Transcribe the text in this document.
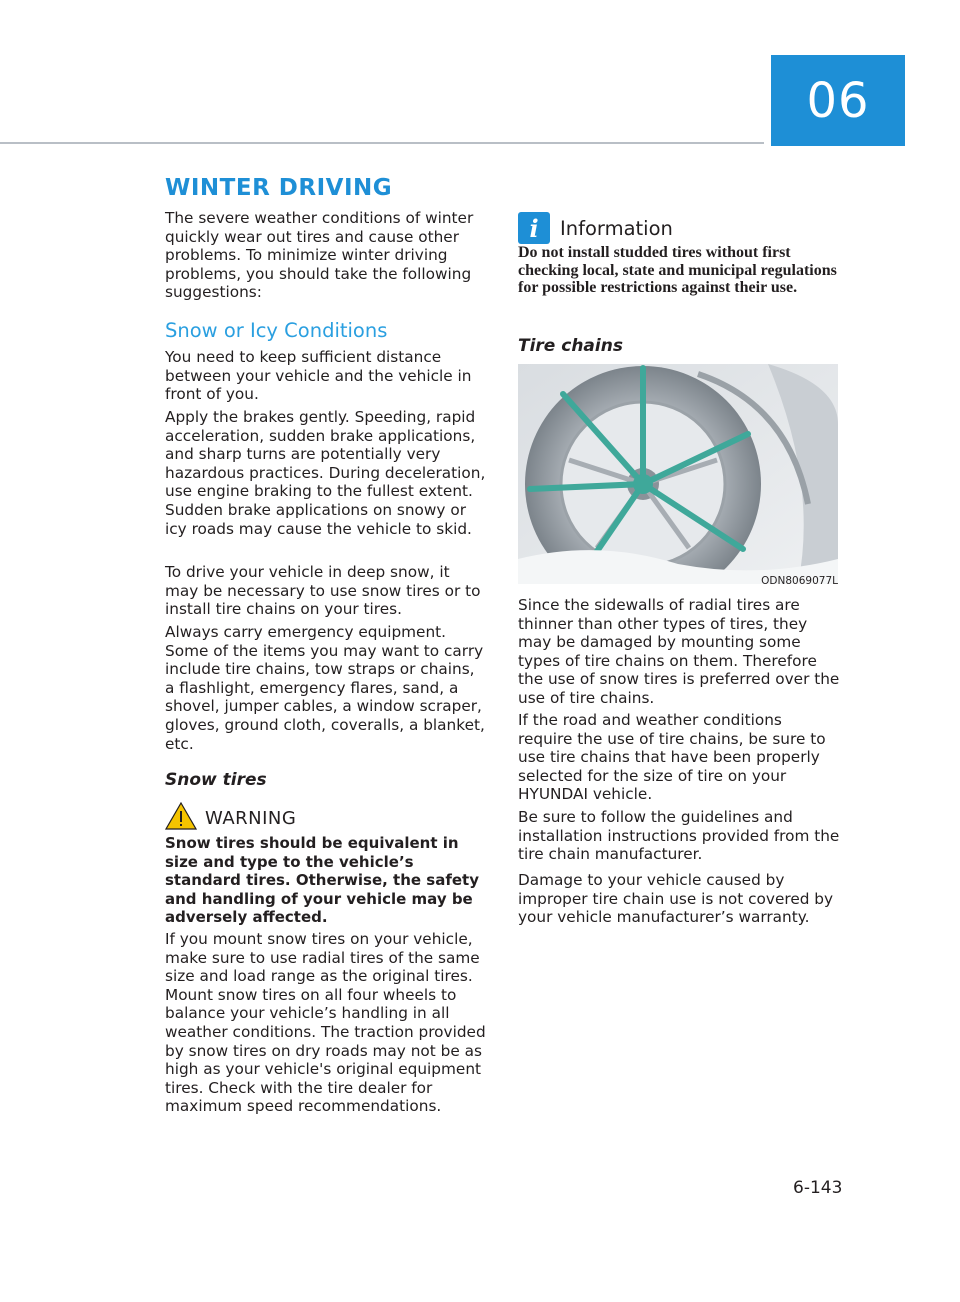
06
WINTER DRIVING

The severe weather conditions of winter quickly wear out tires and cause other problems. To minimize winter driving problems, you should take the following suggestions:

Snow or Icy Conditions

You need to keep sufficient distance between your vehicle and the vehicle in front of you.

Apply the brakes gently. Speeding, rapid acceleration, sudden brake applications, and sharp turns are potentially very hazardous practices. During deceleration, use engine braking to the fullest extent. Sudden brake applications on snowy or icy roads may cause the vehicle to skid.

To drive your vehicle in deep snow, it may be necessary to use snow tires or to install tire chains on your tires.

Always carry emergency equipment. Some of the items you may want to carry include tire chains, tow straps or chains, a flashlight, emergency flares, sand, a shovel, jumper cables, a window scraper, gloves, ground cloth, coveralls, a blanket, etc.

Snow tires
WARNING

Snow tires should be equivalent in size and type to the vehicle’s standard tires. Otherwise, the safety and handling of your vehicle may be adversely affected.

If you mount snow tires on your vehicle, make sure to use radial tires of the same size and load range as the original tires. Mount snow tires on all four wheels to balance your vehicle’s handling in all weather conditions. The traction provided by snow tires on dry roads may not be as high as your vehicle's original equipment tires. Check with the tire dealer for maximum speed recommendations.

i	Information

Do not install studded tires without first checking local, state and municipal regulations for possible restrictions against their use.

Tire chains
ODN8069077L

Since the sidewalls of radial tires are thinner than other types of tires, they may be damaged by mounting some types of tire chains on them. Therefore the use of snow tires is preferred over the use of tire chains.

If the road and weather conditions require the use of tire chains, be sure to use tire chains that have been properly selected for the size of tire on your HYUNDAI vehicle.

Be sure to follow the guidelines and installation instructions provided from the tire chain manufacturer.

Damage to your vehicle caused by improper tire chain use is not covered by your vehicle manufacturer’s warranty.

6-143
